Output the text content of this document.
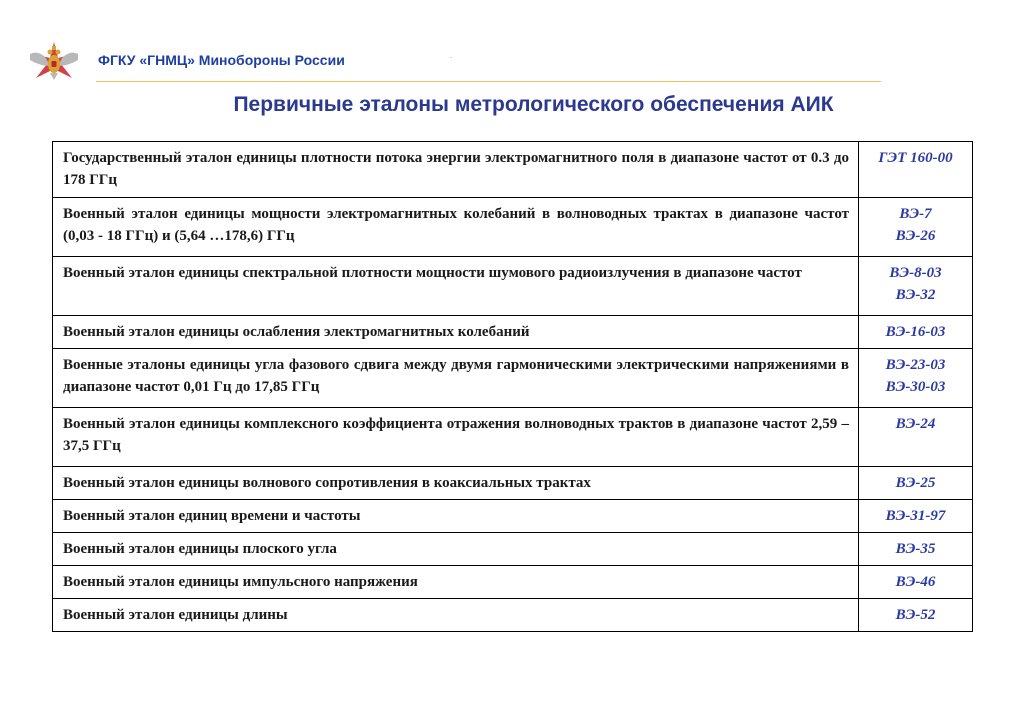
ФГКУ «ГНМЦ» Минобороны России	.
Первичные эталоны метрологического обеспечения АИК
Государственный эталон единицы плотности потока энергии электромагнитного поля в диапазоне частот от 0.3 до 178 ГГц	ГЭТ 160-00

Военный эталон единицы мощности электромагнитных колебаний в волноводных трактах в диапазоне частот (0,03 - 18 ГГц) и (5,64 …178,6) ГГц	ВЭ-7
ВЭ-26

Военный эталон единицы спектральной плотности мощности шумового радиоизлучения в диапазоне частот	ВЭ-8-03
ВЭ-32

Военный эталон единицы ослабления электромагнитных колебаний	ВЭ-16-03

Военные эталоны единицы угла фазового сдвига между двумя гармоническими электрическими напряжениями в диапазоне частот 0,01 Гц до 17,85 ГГц	ВЭ-23-03
ВЭ-30-03

Военный эталон единицы комплексного коэффициента отражения волноводных трактов в диапазоне частот 2,59 – 37,5 ГГц	ВЭ-24

Военный эталон единицы волнового сопротивления в коаксиальных трактах	ВЭ-25

Военный эталон единиц времени и частоты	ВЭ-31-97

Военный эталон единицы плоского угла	ВЭ-35

Военный эталон единицы импульсного напряжения	ВЭ-46

Военный эталон единицы длины	ВЭ-52
